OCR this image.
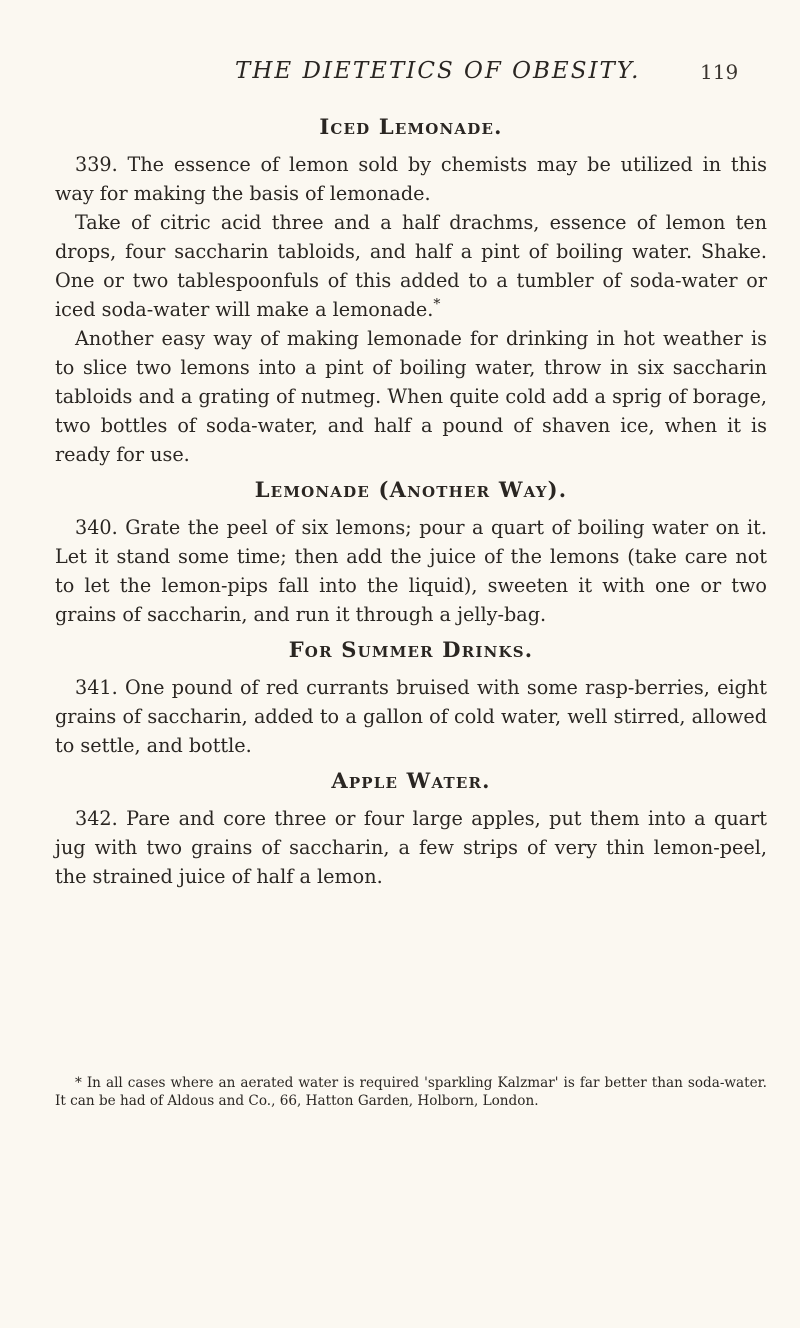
THE DIETETICS OF OBESITY.	119
Iced Lemonade.

339. The essence of lemon sold by chemists may be utilized in this way for making the basis of lemonade.

Take of citric acid three and a half drachms, essence of lemon ten drops, four saccharin tabloids, and half a pint of boiling water. Shake. One or two tablespoonfuls of this added to a tumbler of soda-water or iced soda-water will make a lemonade.*

Another easy way of making lemonade for drinking in hot weather is to slice two lemons into a pint of boiling water, throw in six saccharin tabloids and a grating of nutmeg. When quite cold add a sprig of borage, two bottles of soda-water, and half a pound of shaven ice, when it is ready for use.

Lemonade (Another Way).

340. Grate the peel of six lemons; pour a quart of boiling water on it. Let it stand some time; then add the juice of the lemons (take care not to let the lemon-pips fall into the liquid), sweeten it with one or two grains of saccharin, and run it through a jelly-bag.

For Summer Drinks.

341. One pound of red currants bruised with some rasp-berries, eight grains of saccharin, added to a gallon of cold water, well stirred, allowed to settle, and bottle.

Apple Water.

342. Pare and core three or four large apples, put them into a quart jug with two grains of saccharin, a few strips of very thin lemon-peel, the strained juice of half a lemon.

* In all cases where an aerated water is required 'sparkling Kalzmar' is far better than soda-water. It can be had of Aldous and Co., 66, Hatton Garden, Holborn, London.
